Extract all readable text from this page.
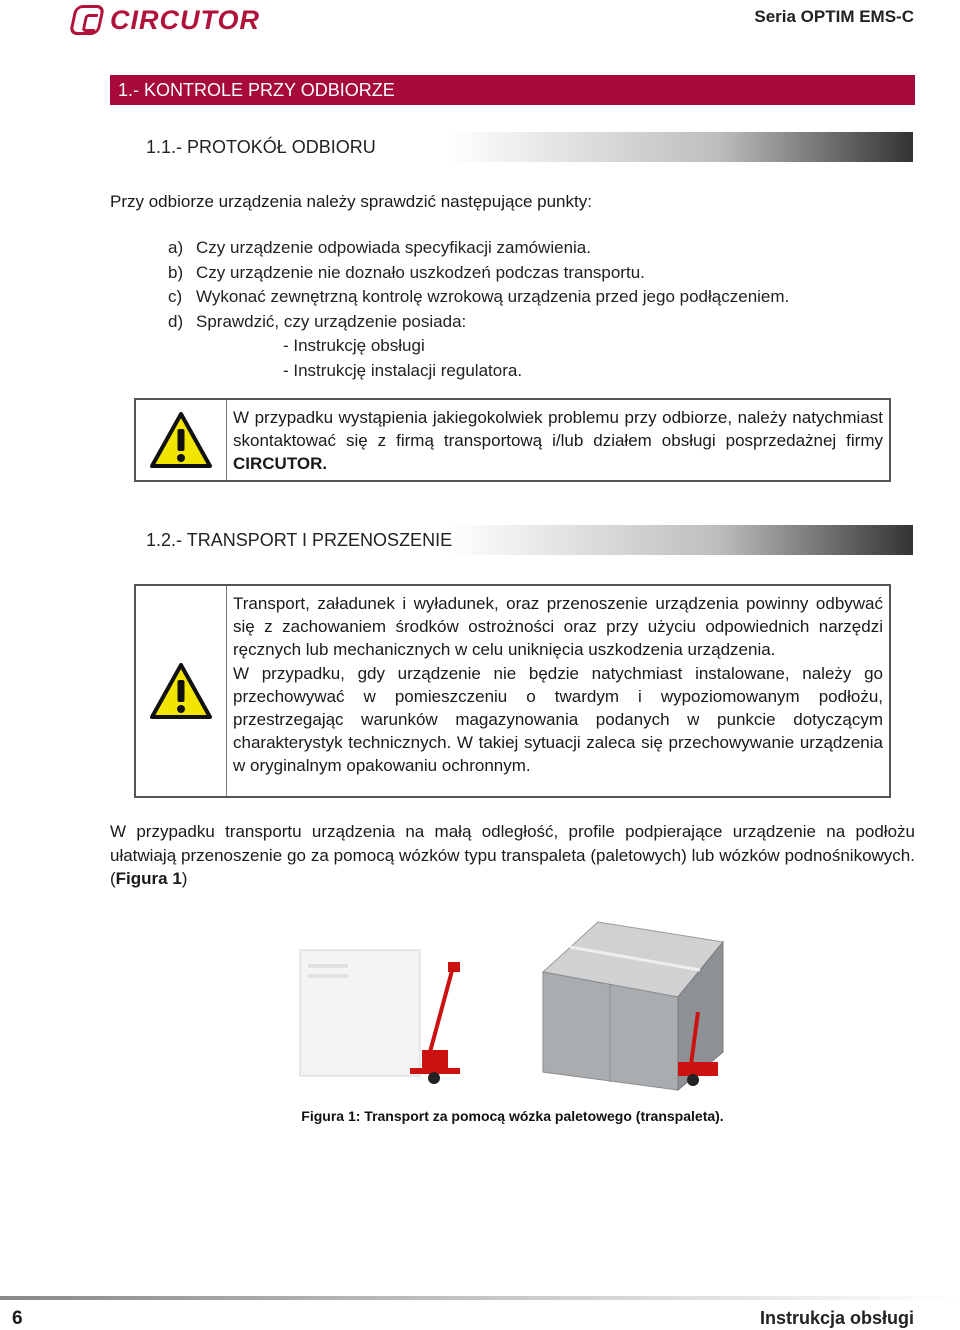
CIRCUTOR	Seria OPTIM EMS-C
1.- KONTROLE PRZY ODBIORZE
1.1.- PROTOKÓŁ ODBIORU
Przy odbiorze urządzenia należy sprawdzić następujące punkty:
a) Czy urządzenie odpowiada specyfikacji zamówienia.
b) Czy urządzenie nie doznało uszkodzeń podczas transportu.
c) Wykonać zewnętrzną kontrolę wzrokową urządzenia przed jego podłączeniem.
d) Sprawdzić, czy urządzenie posiada:
- Instrukcję obsługi
- Instrukcję instalacji regulatora.
W przypadku wystąpienia jakiegokolwiek problemu przy odbiorze, należy natychmiast skontaktować się z firmą transportową i/lub działem obsługi posprzedażnej firmy CIRCUTOR.
1.2.- TRANSPORT I PRZENOSZENIE
Transport, załadunek i wyładunek, oraz przenoszenie urządzenia powinny odbywać się z zachowaniem środków ostrożności oraz przy użyciu odpowiednich narzędzi ręcznych lub mechanicznych w celu uniknięcia uszkodzenia urządzenia.
W przypadku, gdy urządzenie nie będzie natychmiast instalowane, należy go przechowywać w pomieszczeniu o twardym i wypoziomowanym podłożu, przestrzegając warunków magazynowania podanych w punkcie dotyczącym charakterystyk technicznych. W takiej sytuacji zaleca się przechowywanie urządzenia w oryginalnym opakowaniu ochronnym.
W przypadku transportu urządzenia na małą odległość, profile podpierające urządzenie na podłożu ułatwiają przenoszenie go za pomocą wózków typu transpaleta (paletowych) lub wózków podnośnikowych. (Figura 1)
Figura 1: Transport za pomocą wózka paletowego (transpaleta).
6	Instrukcja obsługi
